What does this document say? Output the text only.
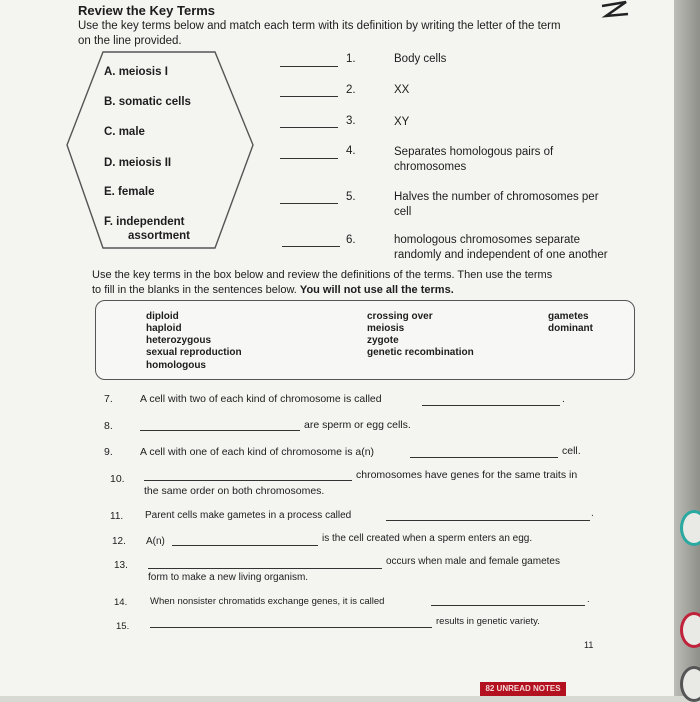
Review the Key Terms
Use the key terms below and match each term with its definition by writing the letter of the term
on the line provided.
A. meiosis I
B. somatic cells
C. male
D. meiosis II
E. female
F. independent
assortment
1.	Body cells
2.	XX
3.	XY
4.	Separates homologous pairs of
chromosomes
5.	Halves the number of chromosomes per
cell
6.	homologous chromosomes separate
randomly and independent of one another
Use the key terms in the box below and review the definitions of the terms. Then use the terms
to fill in the blanks in the sentences below. You will not use all the terms.
diploid
haploid
heterozygous
sexual reproduction
homologous
crossing over
meiosis
zygote
genetic recombination
gametes
dominant
7.	A cell with two of each kind of chromosome is called	.
8.	are sperm or egg cells.
9.	A cell with one of each kind of chromosome is a(n)	cell.
10.	chromosomes have genes for the same traits in
the same order on both chromosomes.
11. Parent cells make gametes in a process called	.
12. A(n)	is the cell created when a sperm enters an egg.
13.	occurs when male and female gametes
form to make a new living organism.
14. When nonsister chromatids exchange genes, it is called	.
15.	results in genetic variety.
11
82 UNREAD NOTES
